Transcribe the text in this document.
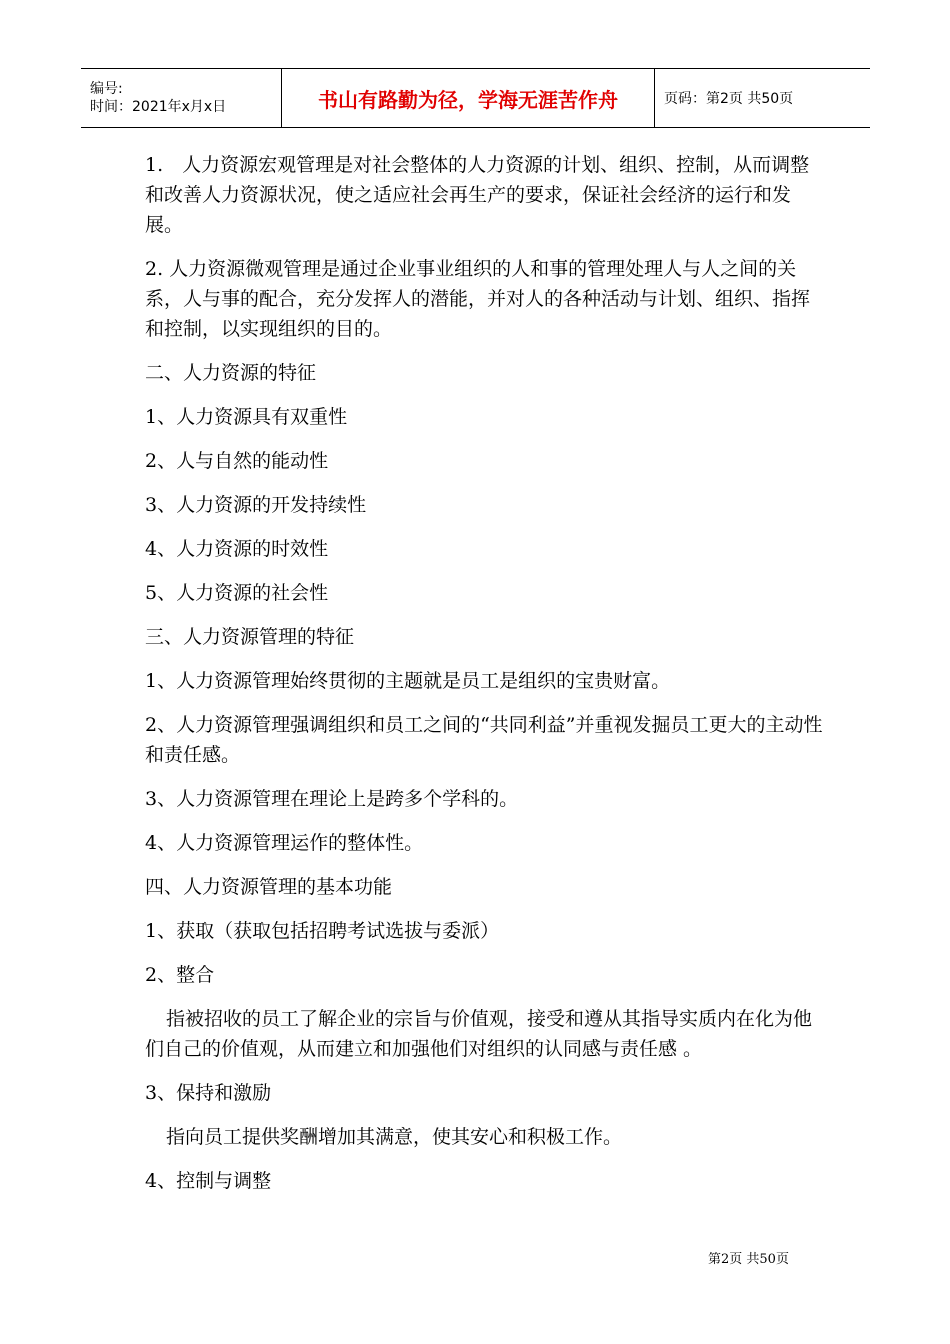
编号:
时间：2021年x月x日	书山有路勤为径，学海无涯苦作舟	页码：第2页 共50页

1.　人力资源宏观管理是对社会整体的人力资源的计划、组织、控制，从而调整和改善人力资源状况，使之适应社会再生产的要求，保证社会经济的运行和发展。

2. 人力资源微观管理是通过企业事业组织的人和事的管理处理人与人之间的关系，人与事的配合，充分发挥人的潜能，并对人的各种活动与计划、组织、指挥和控制，以实现组织的目的。

二、人力资源的特征

1、人力资源具有双重性

2、人与自然的能动性

3、人力资源的开发持续性

4、人力资源的时效性

5、人力资源的社会性

三、人力资源管理的特征

1、人力资源管理始终贯彻的主题就是员工是组织的宝贵财富。

2、人力资源管理强调组织和员工之间的“共同利益”并重视发掘员工更大的主动性和责任感。

3、人力资源管理在理论上是跨多个学科的。

4、人力资源管理运作的整体性。

四、人力资源管理的基本功能

1、获取（获取包括招聘考试选拔与委派）

2、整合

指被招收的员工了解企业的宗旨与价值观，接受和遵从其指导实质内在化为他们自己的价值观，从而建立和加强他们对组织的认同感与责任感 。

3、保持和激励

指向员工提供奖酬增加其满意，使其安心和积极工作。

4、控制与调整

第2页 共50页
